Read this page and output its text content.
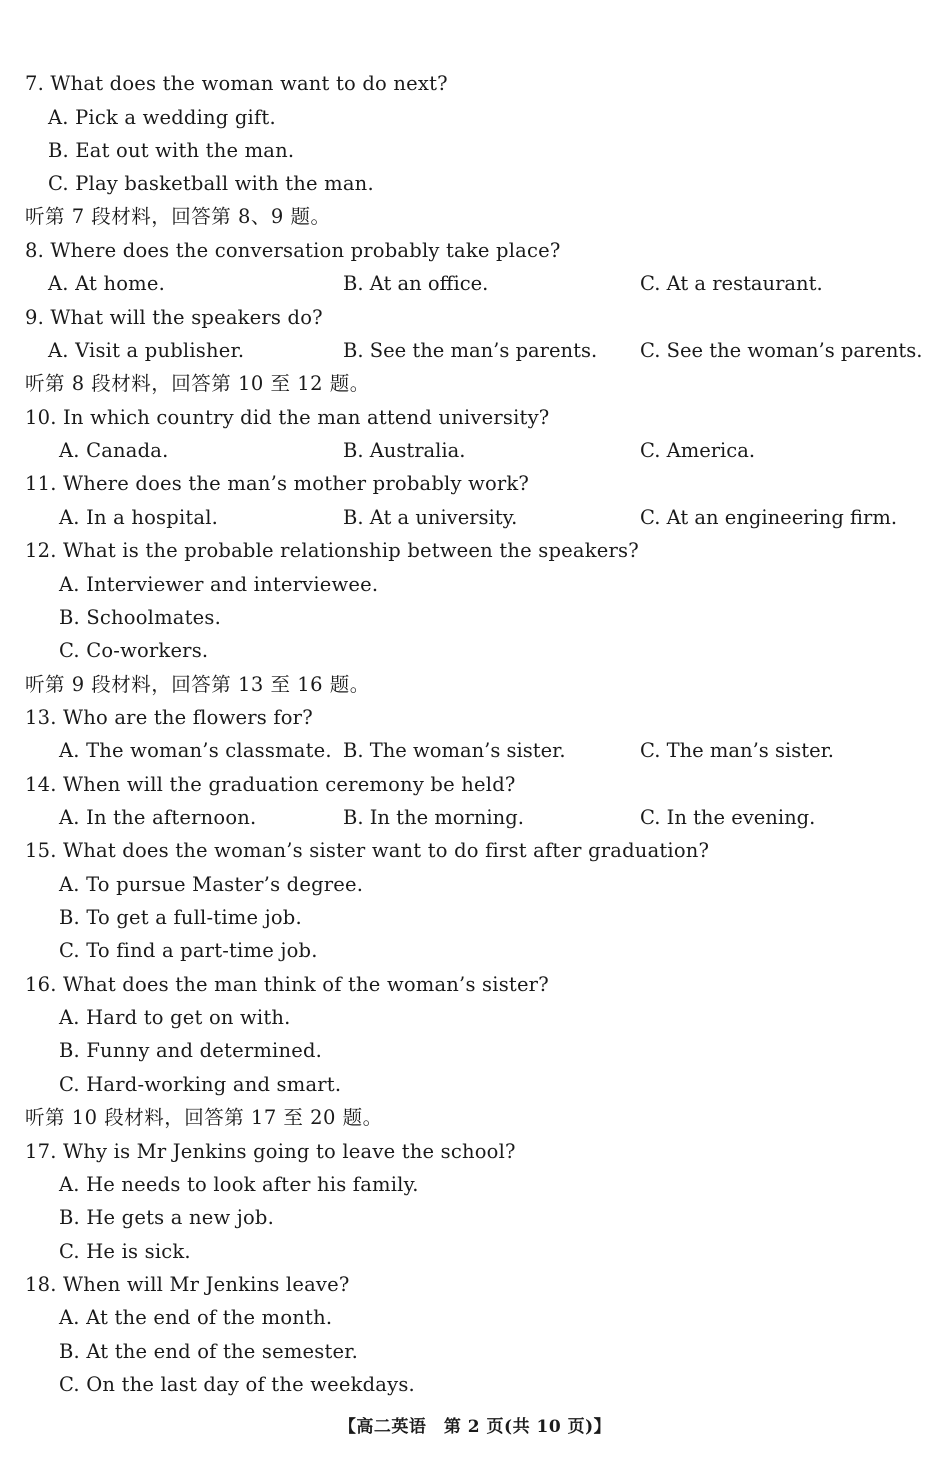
7. What does the woman want to do next?
A. Pick a wedding gift.
B. Eat out with the man.
C. Play basketball with the man.
听第 7 段材料，回答第 8、9 题。
8. Where does the conversation probably take place?
A. At home.	B. At an office.	C. At a restaurant.
9. What will the speakers do?
A. Visit a publisher.	B. See the man’s parents. C. See the woman’s parents.
听第 8 段材料，回答第 10 至 12 题。
10. In which country did the man attend university?
A. Canada.	B. Australia.	C. America.
11. Where does the man’s mother probably work?
A. In a hospital.	B. At a university.	C. At an engineering firm.
12. What is the probable relationship between the speakers?
A. Interviewer and interviewee.
B. Schoolmates.
C. Co-workers.
听第 9 段材料，回答第 13 至 16 题。
13. Who are the flowers for?
A. The woman’s classmate. B. The woman’s sister.	C. The man’s sister.
14. When will the graduation ceremony be held?
A. In the afternoon.	B. In the morning.	C. In the evening.
15. What does the woman’s sister want to do first after graduation?
A. To pursue Master’s degree.
B. To get a full-time job.
C. To find a part-time job.
16. What does the man think of the woman’s sister?
A. Hard to get on with.
B. Funny and determined.
C. Hard-working and smart.
听第 10 段材料，回答第 17 至 20 题。
17. Why is Mr Jenkins going to leave the school?
A. He needs to look after his family.
B. He gets a new job.
C. He is sick.
18. When will Mr Jenkins leave?
A. At the end of the month.
B. At the end of the semester.
C. On the last day of the weekdays.
【高二英语　第 2 页(共 10 页)】
